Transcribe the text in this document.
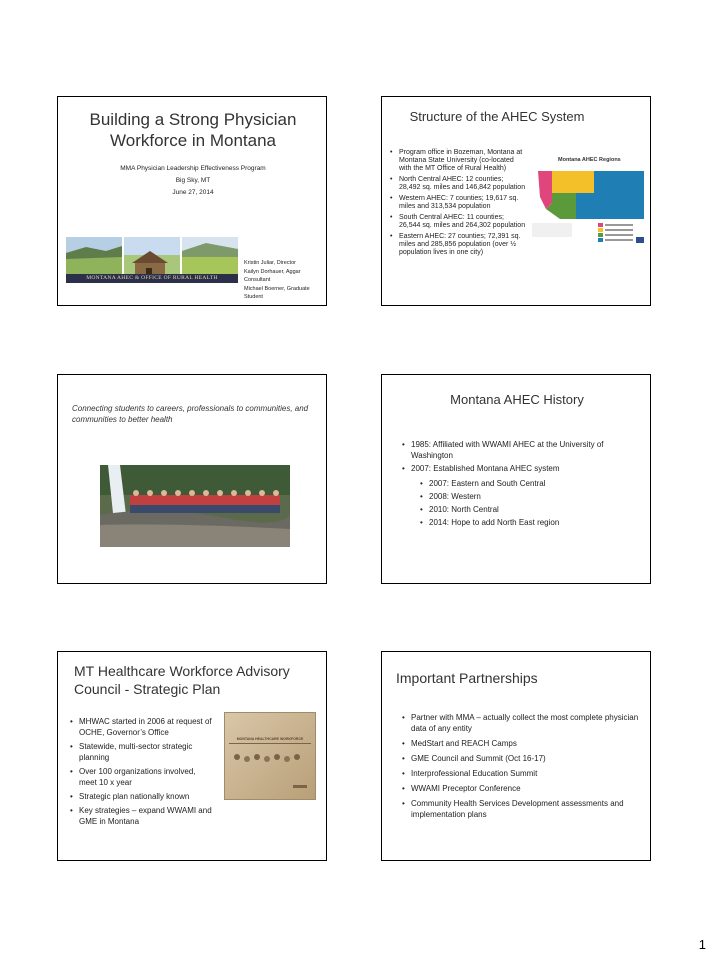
Building a Strong Physician Workforce in Montana
MMA Physician Leadership Effectiveness Program
Big Sky, MT
June 27, 2014
MONTANA AHEC & OFFICE OF RURAL HEALTH
Kristin Juliar, Director
Kailyn Dorhauer, Aggar Consultant
Michael Boerner, Graduate Student
Structure of the AHEC System
• Program office in Bozeman, Montana at Montana State University (co-located with the MT Office of Rural Health)
• North Central AHEC: 12 counties; 28,492 sq. miles and 146,842 population
• Western AHEC: 7 counties; 19,617 sq. miles and 313,534 population
• South Central AHEC: 11 counties; 26,544 sq. miles and 264,302 population
• Eastern AHEC: 27 counties; 72,391 sq. miles and 285,856 population (over ½ population lives in one city)
Montana AHEC Regions
Connecting students to careers, professionals to communities, and communities to better health
Montana AHEC History
• 1985: Affiliated with WWAMI AHEC at the University of Washington
• 2007: Established Montana AHEC system
• 2007: Eastern and South Central
• 2008: Western
• 2010: North Central
• 2014: Hope to add North East region
MT Healthcare Workforce Advisory Council - Strategic Plan
• MHWAC started in 2006 at request of OCHE, Governor’s Office
• Statewide, multi-sector strategic planning
• Over 100 organizations involved, meet 10 x year
• Strategic plan nationally known
• Key strategies – expand WWAMI and GME in Montana
MONTANA HEALTHCARE WORKFORCE
Important Partnerships
• Partner with MMA – actually collect the most complete physician data of any entity
• MedStart and REACH Camps
• GME Council and Summit (Oct 16-17)
• Interprofessional Education Summit
• WWAMI Preceptor Conference
• Community Health Services Development assessments and implementation plans
1
